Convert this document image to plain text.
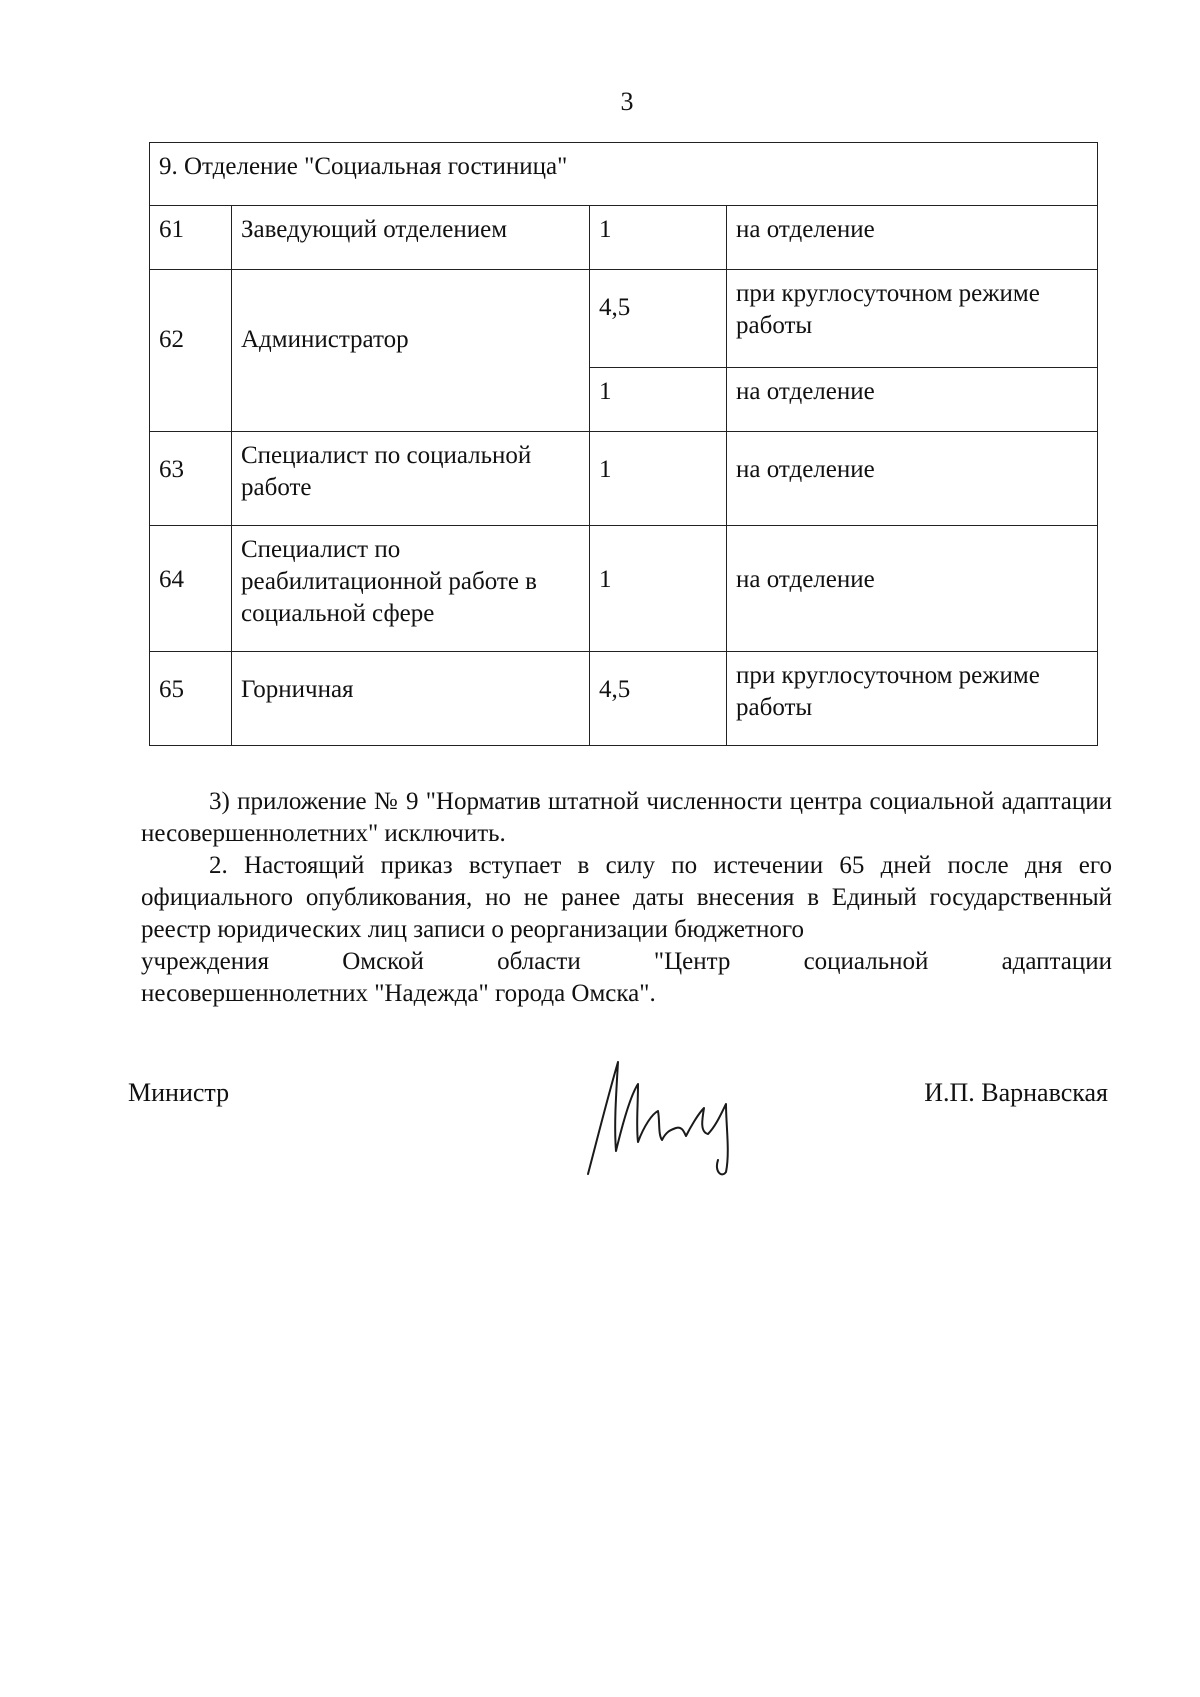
3
9. Отделение "Социальная гостиница"			
61	Заведующий отделением	1	на отделение
62	Администратор	4,5	при круглосуточном режиме работы
		1	на отделение
63	Специалист по социальной работе	1	на отделение
64	Специалист по реабилитационной работе в социальной сфере	1	на отделение
65	Горничная	4,5	при круглосуточном режиме работы
3) приложение № 9 "Норматив штатной численности центра социальной адаптации несовершеннолетних" исключить.
2. Настоящий приказ вступает в силу по истечении 65 дней после дня его официального опубликования, но не ранее даты внесения в Единый государственный реестр юридических лиц записи о реорганизации бюджетного
учреждения Омской области "Центр социальной адаптации
несовершеннолетних "Надежда" города Омска".
Министр	И.П. Варнавская
